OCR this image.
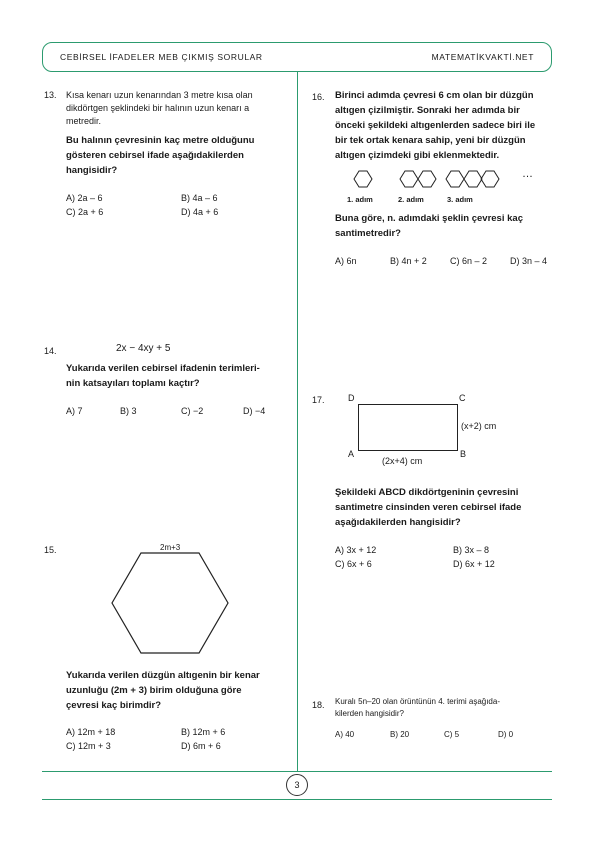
CEBİRSEL İFADELER MEB ÇIKMIŞ SORULAR	MATEMATİKVAKTİ.NET
3
13. Kısa kenarı uzun kenarından 3 metre kısa olan
dikdörtgen şeklindeki bir halının uzun kenarı a
metredir.
Bu halının çevresinin kaç metre olduğunu
gösteren cebirsel ifade aşağıdakilerden
hangisidir?
A) 2a – 6	B) 4a – 6
C) 2a + 6	D) 4a + 6
14.	2x − 4xy + 5
Yukarıda verilen cebirsel ifadenin terimleri-
nin katsayıları toplamı kaçtır?
A) 7	B) 3	C) −2	D) −4
15.	2m+3
Yukarıda verilen düzgün altıgenin bir kenar
uzunluğu (2m + 3) birim olduğuna göre
çevresi kaç birimdir?
A) 12m + 18	B) 12m + 6
C) 12m + 3	D) 6m + 6
16. Birinci adımda çevresi 6 cm olan bir düzgün
altıgen çizilmiştir. Sonraki her adımda bir
önceki şekildeki altıgenlerden sadece biri ile
bir tek ortak kenara sahip, yeni bir düzgün
altıgen çizimdeki gibi eklenmektedir.
…
1. adım	2. adım	3. adım
Buna göre, n. adımdaki şeklin çevresi kaç
santimetredir?
A) 6n	B) 4n + 2	C) 6n – 2	D) 3n – 4
17.	D	C
A	B
(x+2) cm
(2x+4) cm
Şekildeki ABCD dikdörtgeninin çevresini
santimetre cinsinden veren cebirsel ifade
aşağıdakilerden hangisidir?
A) 3x + 12	B) 3x – 8
C) 6x + 6	D) 6x + 12
18. Kuralı 5n–20 olan örüntünün 4. terimi aşağıda-
kilerden hangisidir?
A) 40	B) 20	C) 5	D) 0
